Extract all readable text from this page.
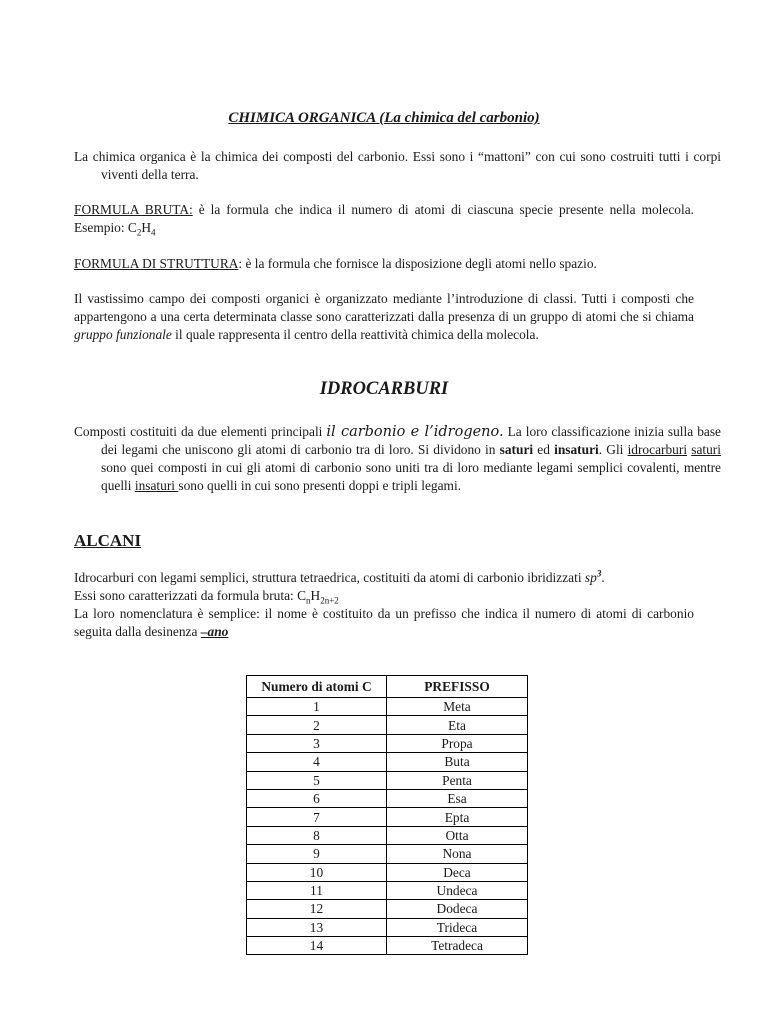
CHIMICA ORGANICA (La chimica del carbonio)
La chimica organica è la chimica dei composti del carbonio. Essi sono i “mattoni” con cui sono costruiti tutti i corpi viventi della terra.
FORMULA BRUTA: è la formula che indica il numero di atomi di ciascuna specie presente nella molecola. Esempio: $C_2H_4$
FORMULA DI STRUTTURA: è la formula che fornisce la disposizione degli atomi nello spazio.
Il vastissimo campo dei composti organici è organizzato mediante l’introduzione di classi. Tutti i composti che appartengono a una certa determinata classe sono caratterizzati dalla presenza di un gruppo di atomi che si chiama gruppo funzionale il quale rappresenta il centro della reattività chimica della molecola.
IDROCARBURI
Composti costituiti da due elementi principali il carbonio e l’idrogeno. La loro classificazione inizia sulla base dei legami che uniscono gli atomi di carbonio tra di loro. Si dividono in saturi ed insaturi. Gli idrocarburi saturi sono quei composti in cui gli atomi di carbonio sono uniti tra di loro mediante legami semplici covalenti, mentre quelli insaturi sono quelli in cui sono presenti doppi e tripli legami.
ALCANI
Idrocarburi con legami semplici, struttura tetraedrica, costituiti da atomi di carbonio ibridizzati $sp^3$.
Essi sono caratterizzati da formula bruta: $C_nH_{2n+2}$
La loro nomenclatura è semplice: il nome è costituito da un prefisso che indica il numero di atomi di carbonio seguita dalla desinenza –ano
Numero di atomi C	PREFISSO
1	Meta
2	Eta
3	Propa
4	Buta
5	Penta
6	Esa
7	Epta
8	Otta
9	Nona
10	Deca
11	Undeca
12	Dodeca
13	Trideca
14	Tetradeca
